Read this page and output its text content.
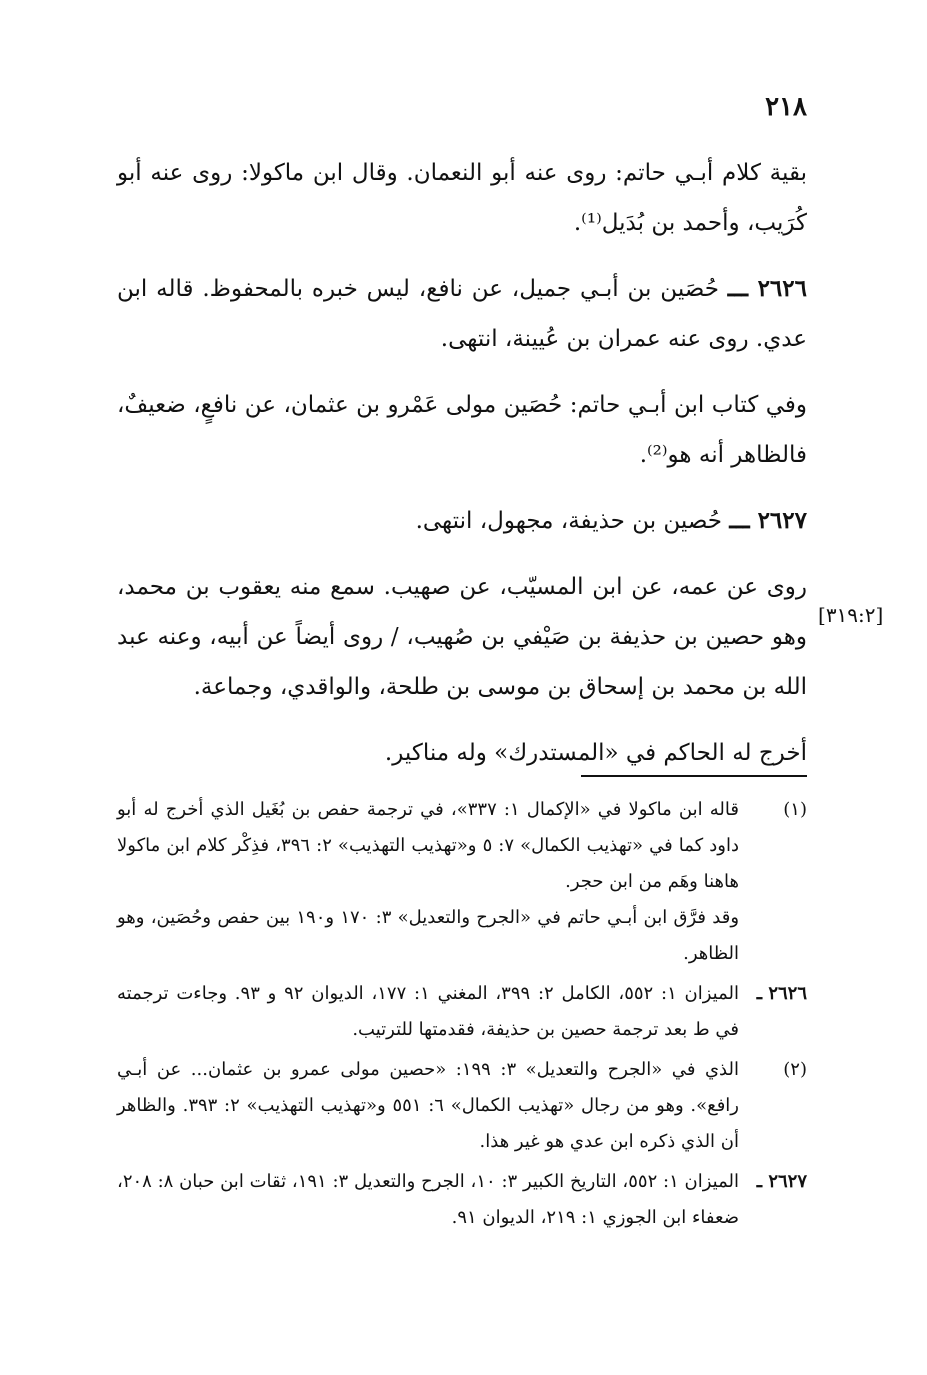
٢١٨

بقية كلام أبـي حاتم: روى عنه أبو النعمان. وقال ابن ماكولا: روى عنه أبو كُرَيب، وأحمد بن بُدَيل⁽¹⁾.

٢٦٢٦ ـــ حُصَين بن أبـي جميل، عن نافع، ليس خبره بالمحفوظ. قاله ابن عدي. روى عنه عمران بن عُيينة، انتهى.

وفي كتاب ابن أبـي حاتم: حُصَين مولى عَمْرو بن عثمان، عن نافعٍ، ضعيفٌ، فالظاهر أنه هو⁽²⁾.

٢٦٢٧ ـــ حُصين بن حذيفة، مجهول، انتهى.

روى عن عمه، عن ابن المسيّب، عن صهيب. سمع منه يعقوب بن محمد، وهو حصين بن حذيفة بن صَيْفي بن صُهيب، / روى أيضاً عن أبيه، وعنه عبد الله بن محمد بن إسحاق بن موسى بن طلحة، والواقدي، وجماعة.

أخرج له الحاكم في «المستدرك» وله مناكير.

[٣١٩:٢]
(١)
قاله ابن ماكولا في «الإكمال ١: ٣٣٧»، في ترجمة حفص بن بُغَيل الذي أخرج له أبو داود كما في «تهذيب الكمال» ٧: ٥ و«تهذيب التهذيب» ٢: ٣٩٦، فذِكْر كلام ابن ماكولا هاهنا وهَم من ابن حجر.
وقد فرَّق ابن أبـي حاتم في «الجرح والتعديل» ٣: ١٧٠ و١٩٠ بين حفص وحُصَين، وهو الظاهر.
٢٦٢٦ ـ
الميزان ١: ٥٥٢، الكامل ٢: ٣٩٩، المغني ١: ١٧٧، الديوان ٩٢ و ٩٣. وجاءت ترجمته في ط بعد ترجمة حصين بن حذيفة، فقدمتها للترتيب.
(٢)
الذي في «الجرح والتعديل» ٣: ١٩٩: «حصين مولى عمرو بن عثمان... عن أبـي رافع». وهو من رجال «تهذيب الكمال» ٦: ٥٥١ و«تهذيب التهذيب» ٢: ٣٩٣. والظاهر أن الذي ذكره ابن عدي هو غير هذا.
٢٦٢٧ ـ
الميزان ١: ٥٥٢، التاريخ الكبير ٣: ١٠، الجرح والتعديل ٣: ١٩١، ثقات ابن حبان ٨: ٢٠٨، ضعفاء ابن الجوزي ١: ٢١٩، الديوان ٩١.
